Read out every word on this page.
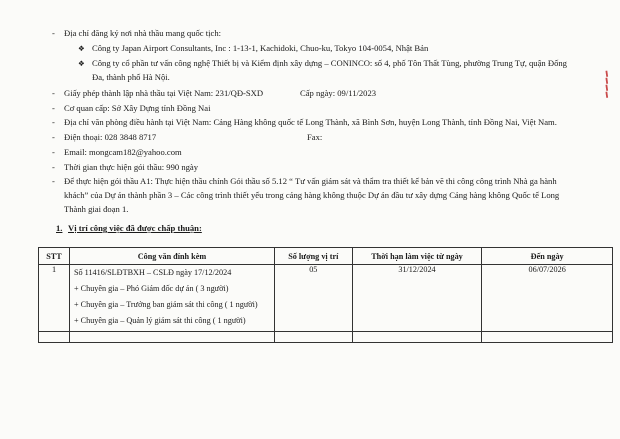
- Địa chỉ đăng ký nơi nhà thầu mang quốc tịch:
❖ Công ty Japan Airport Consultants, Inc : 1-13-1, Kachidoki, Chuo-ku, Tokyo 104-0054, Nhật Bản
❖ Công ty cổ phần tư vấn công nghệ Thiết bị và Kiểm định xây dựng – CONINCO: số 4, phố Tôn Thất Tùng, phường Trung Tự, quận Đống
Đa, thành phố Hà Nội.
- Giấy phép thành lập nhà thầu tại Việt Nam: 231/QĐ-SXD	Cấp ngày: 09/11/2023
- Cơ quan cấp: Sở Xây Dựng tỉnh Đồng Nai
- Địa chỉ văn phòng điều hành tại Việt Nam: Cảng Hàng không quốc tế Long Thành, xã Bình Sơn, huyện Long Thành, tỉnh Đồng Nai, Việt Nam.
- Điện thoại: 028 3848 8717	Fax:
- Email: mongcam182@yahoo.com
- Thời gian thực hiện gói thầu: 990 ngày
- Để thực hiện gói thầu A1: Thực hiện thầu chính Gói thầu số 5.12 “ Tư vấn giám sát và thẩm tra thiết kế bản vẽ thi công công trình Nhà ga hành
khách” của Dự án thành phần 3 – Các công trình thiết yếu trong cảng hàng không thuộc Dự án đầu tư xây dựng Cảng hàng không Quốc tế Long
Thành giai đoạn 1.
1. Vị trí công việc đã được chấp thuận:
STT	Công văn đính kèm	Số lượng vị trí	Thời hạn làm việc từ ngày	Đến ngày
1	Số 11416/SLĐTBXH – CSLĐ ngày 17/12/2024
+ Chuyên gia – Phó Giám đốc dự án ( 3 người)
+ Chuyên gia – Trưởng ban giám sát thi công ( 1 người)
+ Chuyên gia – Quản lý giám sát thi công ( 1 người)	05	31/12/2024	06/07/2026

▌
▌
▌
▌
